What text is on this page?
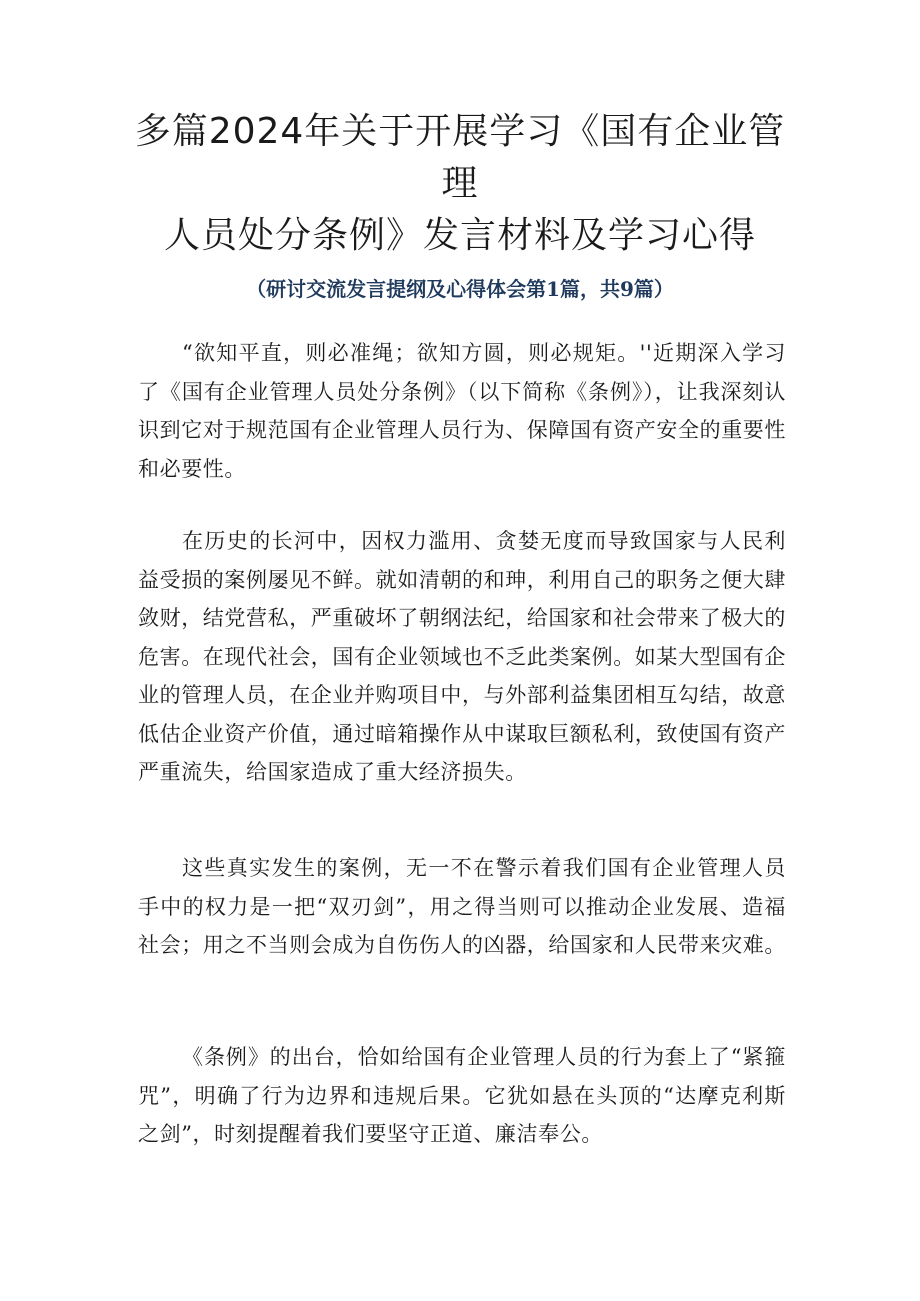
多篇2024年关于开展学习《国有企业管理
人员处分条例》发言材料及学习心得

（研讨交流发言提纲及心得体会第1篇，共9篇）

“欲知平直，则必准绳；欲知方圆，则必规矩。''近期深入学习了《国有企业管理人员处分条例》（以下简称《条例》），让我深刻认识到它对于规范国有企业管理人员行为、保障国有资产安全的重要性和必要性。

在历史的长河中，因权力滥用、贪婪无度而导致国家与人民利益受损的案例屡见不鲜。就如清朝的和珅，利用自己的职务之便大肆敛财，结党营私，严重破坏了朝纲法纪，给国家和社会带来了极大的危害。在现代社会，国有企业领域也不乏此类案例。如某大型国有企业的管理人员，在企业并购项目中，与外部利益集团相互勾结，故意低估企业资产价值，通过暗箱操作从中谋取巨额私利，致使国有资产严重流失，给国家造成了重大经济损失。

这些真实发生的案例，无一不在警示着我们国有企业管理人员手中的权力是一把“双刃剑”，用之得当则可以推动企业发展、造福社会；用之不当则会成为自伤伤人的凶器，给国家和人民带来灾难。

《条例》的出台，恰如给国有企业管理人员的行为套上了“紧箍咒”，明确了行为边界和违规后果。它犹如悬在头顶的“达摩克利斯之剑”，时刻提醒着我们要坚守正道、廉洁奉公。
